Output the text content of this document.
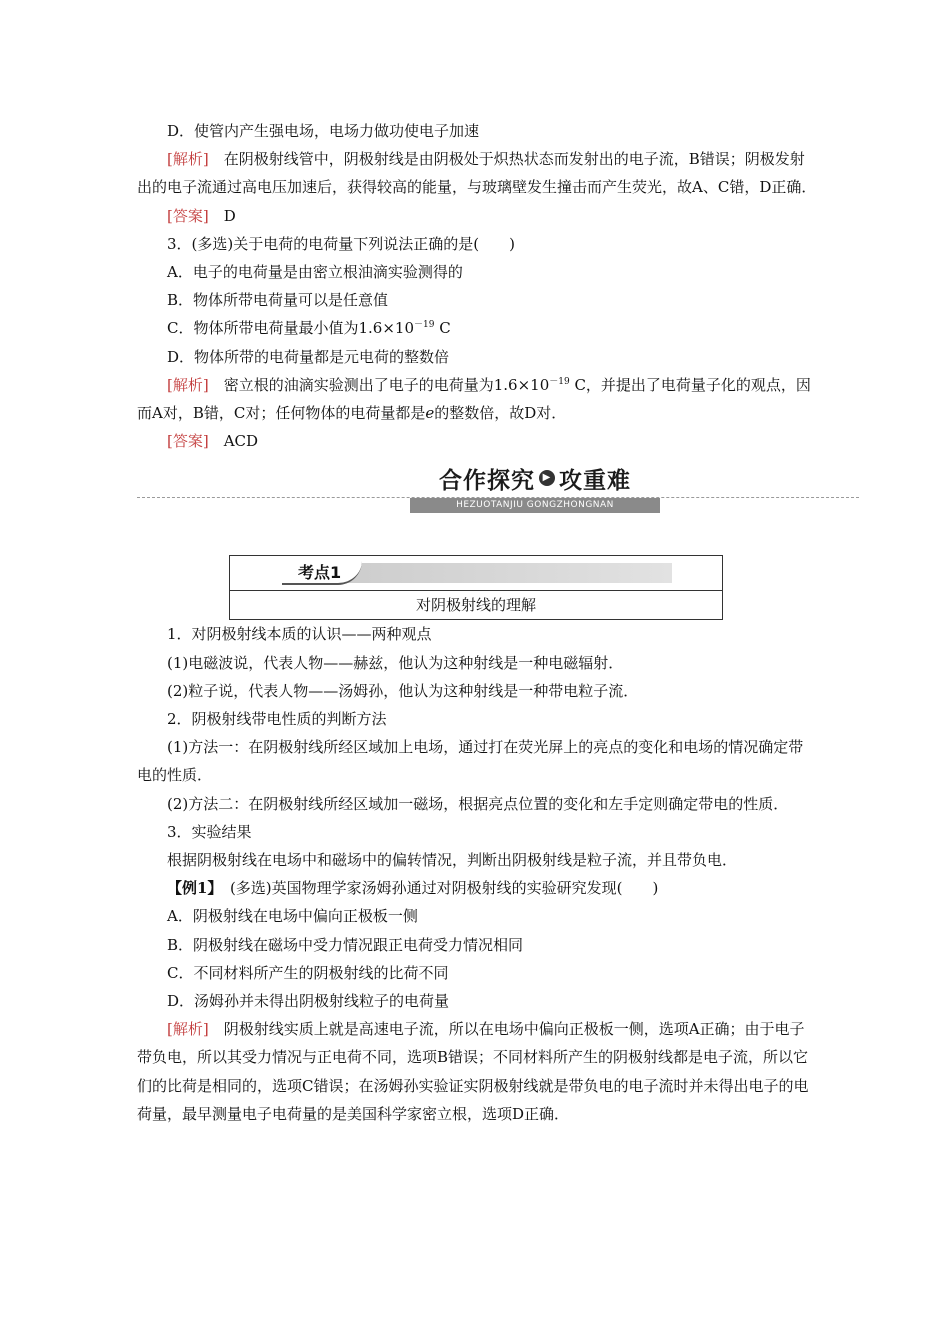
D．使管内产生强电场，电场力做功使电子加速

[解析]　在阴极射线管中，阴极射线是由阴极处于炽热状态而发射出的电子流，B错误；阴极发射出的电子流通过高电压加速后，获得较高的能量，与玻璃壁发生撞击而产生荧光，故A、C错，D正确．

[答案]　D

3．(多选)关于电荷的电荷量下列说法正确的是(　　)

A．电子的电荷量是由密立根油滴实验测得的

B．物体所带电荷量可以是任意值

C．物体所带电荷量最小值为$1.6\times 10^{-19}$ C

D．物体所带的电荷量都是元电荷的整数倍

[解析]　密立根的油滴实验测出了电子的电荷量为$1.6\times 10^{-19}$ C，并提出了电荷量子化的观点，因而A对，B错，C对；任何物体的电荷量都是e的整数倍，故D对．

[答案]　ACD

合作探究 ▶ 攻重难
HEZUOTANJIU GONGZHONGNAN
考点1
对阴极射线的理解

1．对阴极射线本质的认识——两种观点

(1)电磁波说，代表人物——赫兹，他认为这种射线是一种电磁辐射．

(2)粒子说，代表人物——汤姆孙，他认为这种射线是一种带电粒子流．

2．阴极射线带电性质的判断方法

(1)方法一：在阴极射线所经区域加上电场，通过打在荧光屏上的亮点的变化和电场的情况确定带电的性质．

(2)方法二：在阴极射线所经区域加一磁场，根据亮点位置的变化和左手定则确定带电的性质．

3．实验结果

根据阴极射线在电场中和磁场中的偏转情况，判断出阴极射线是粒子流，并且带负电．

【例1】　(多选)英国物理学家汤姆孙通过对阴极射线的实验研究发现(　　)

A．阴极射线在电场中偏向正极板一侧

B．阴极射线在磁场中受力情况跟正电荷受力情况相同

C．不同材料所产生的阴极射线的比荷不同

D．汤姆孙并未得出阴极射线粒子的电荷量

[解析]　阴极射线实质上就是高速电子流，所以在电场中偏向正极板一侧，选项A正确；由于电子带负电，所以其受力情况与正电荷不同，选项B错误；不同材料所产生的阴极射线都是电子流，所以它们的比荷是相同的，选项C错误；在汤姆孙实验证实阴极射线就是带负电的电子流时并未得出电子的电荷量，最早测量电子电荷量的是美国科学家密立根，选项D正确．
